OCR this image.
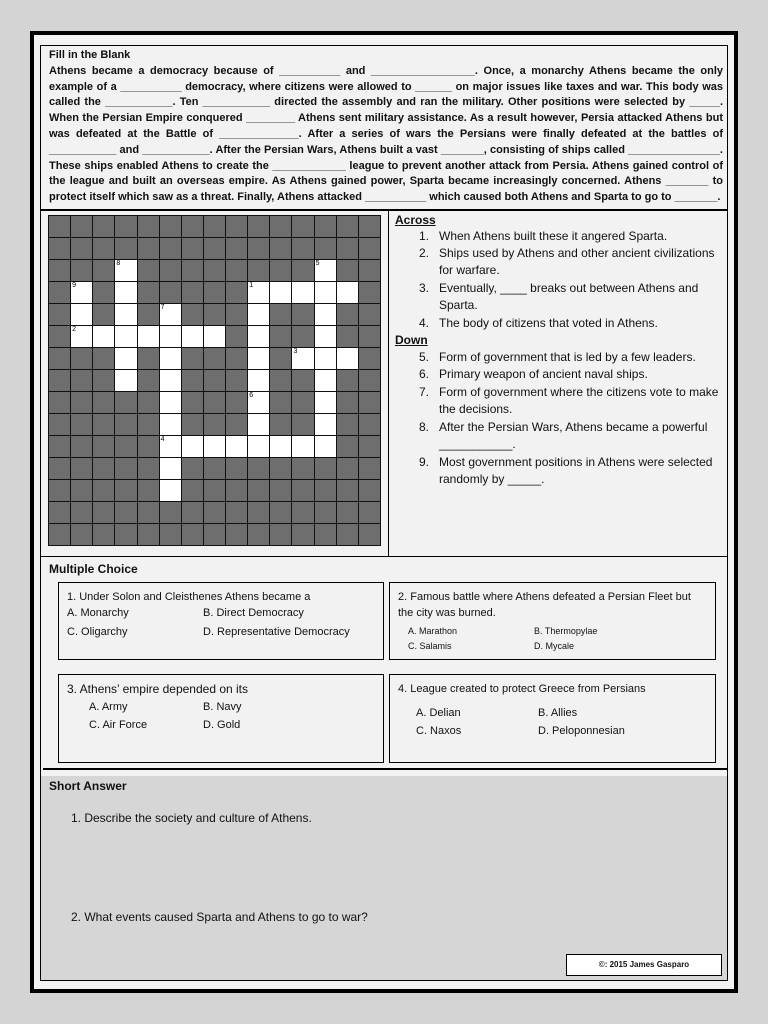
Fill in the Blank
Athens became a democracy because of __________ and _________________. Once, a monarchy Athens became the only example of a __________ democracy, where citizens were allowed to ______ on major issues like taxes and war. This body was called the ___________. Ten ___________ directed the assembly and ran the military. Other positions were selected by _____. When the Persian Empire conquered ________ Athens sent military assistance. As a result however, Persia attacked Athens but was defeated at the Battle of _____________. After a series of wars the Persians were finally defeated at the battles of ___________ and ___________. After the Persian Wars, Athens built a vast _______, consisting of ships called _______________. These ships enabled Athens to create the ____________ league to prevent another attack from Persia. Athens gained control of the league and built an overseas empire. As Athens gained power, Sparta became increasingly concerned. Athens _______ to protect itself which saw as a threat. Finally, Athens attacked __________ which caused both Athens and Sparta to go to _______.
8	5
9	1
7
2
3
6
4
Across
1. When Athens built these it angered Sparta.
2. Ships used by Athens and other ancient civilizations for warfare.
3. Eventually, ____ breaks out between Athens and Sparta.
4. The body of citizens that voted in Athens.
Down
5. Form of government that is led by a few leaders.
6. Primary weapon of ancient naval ships.
7. Form of government where the citizens vote to make the decisions.
8. After the Persian Wars, Athens became a powerful ___________.
9. Most government positions in Athens were selected randomly by _____.
Multiple Choice
1. Under Solon and Cleisthenes Athens became a
A. Monarchy	B. Direct Democracy
C. Oligarchy	D. Representative Democracy
2. Famous battle where Athens defeated a Persian Fleet but the city was burned.
A. Marathon	B. Thermopylae
C. Salamis	D. Mycale
3. Athens’ empire depended on its
A. Army	B. Navy
C. Air Force	D. Gold
4. League created to protect Greece from Persians
A. Delian	B. Allies
C. Naxos	D. Peloponnesian
Short Answer
1. Describe the society and culture of Athens.
2. What events caused Sparta and Athens to go to war?
©: 2015 James Gasparo
